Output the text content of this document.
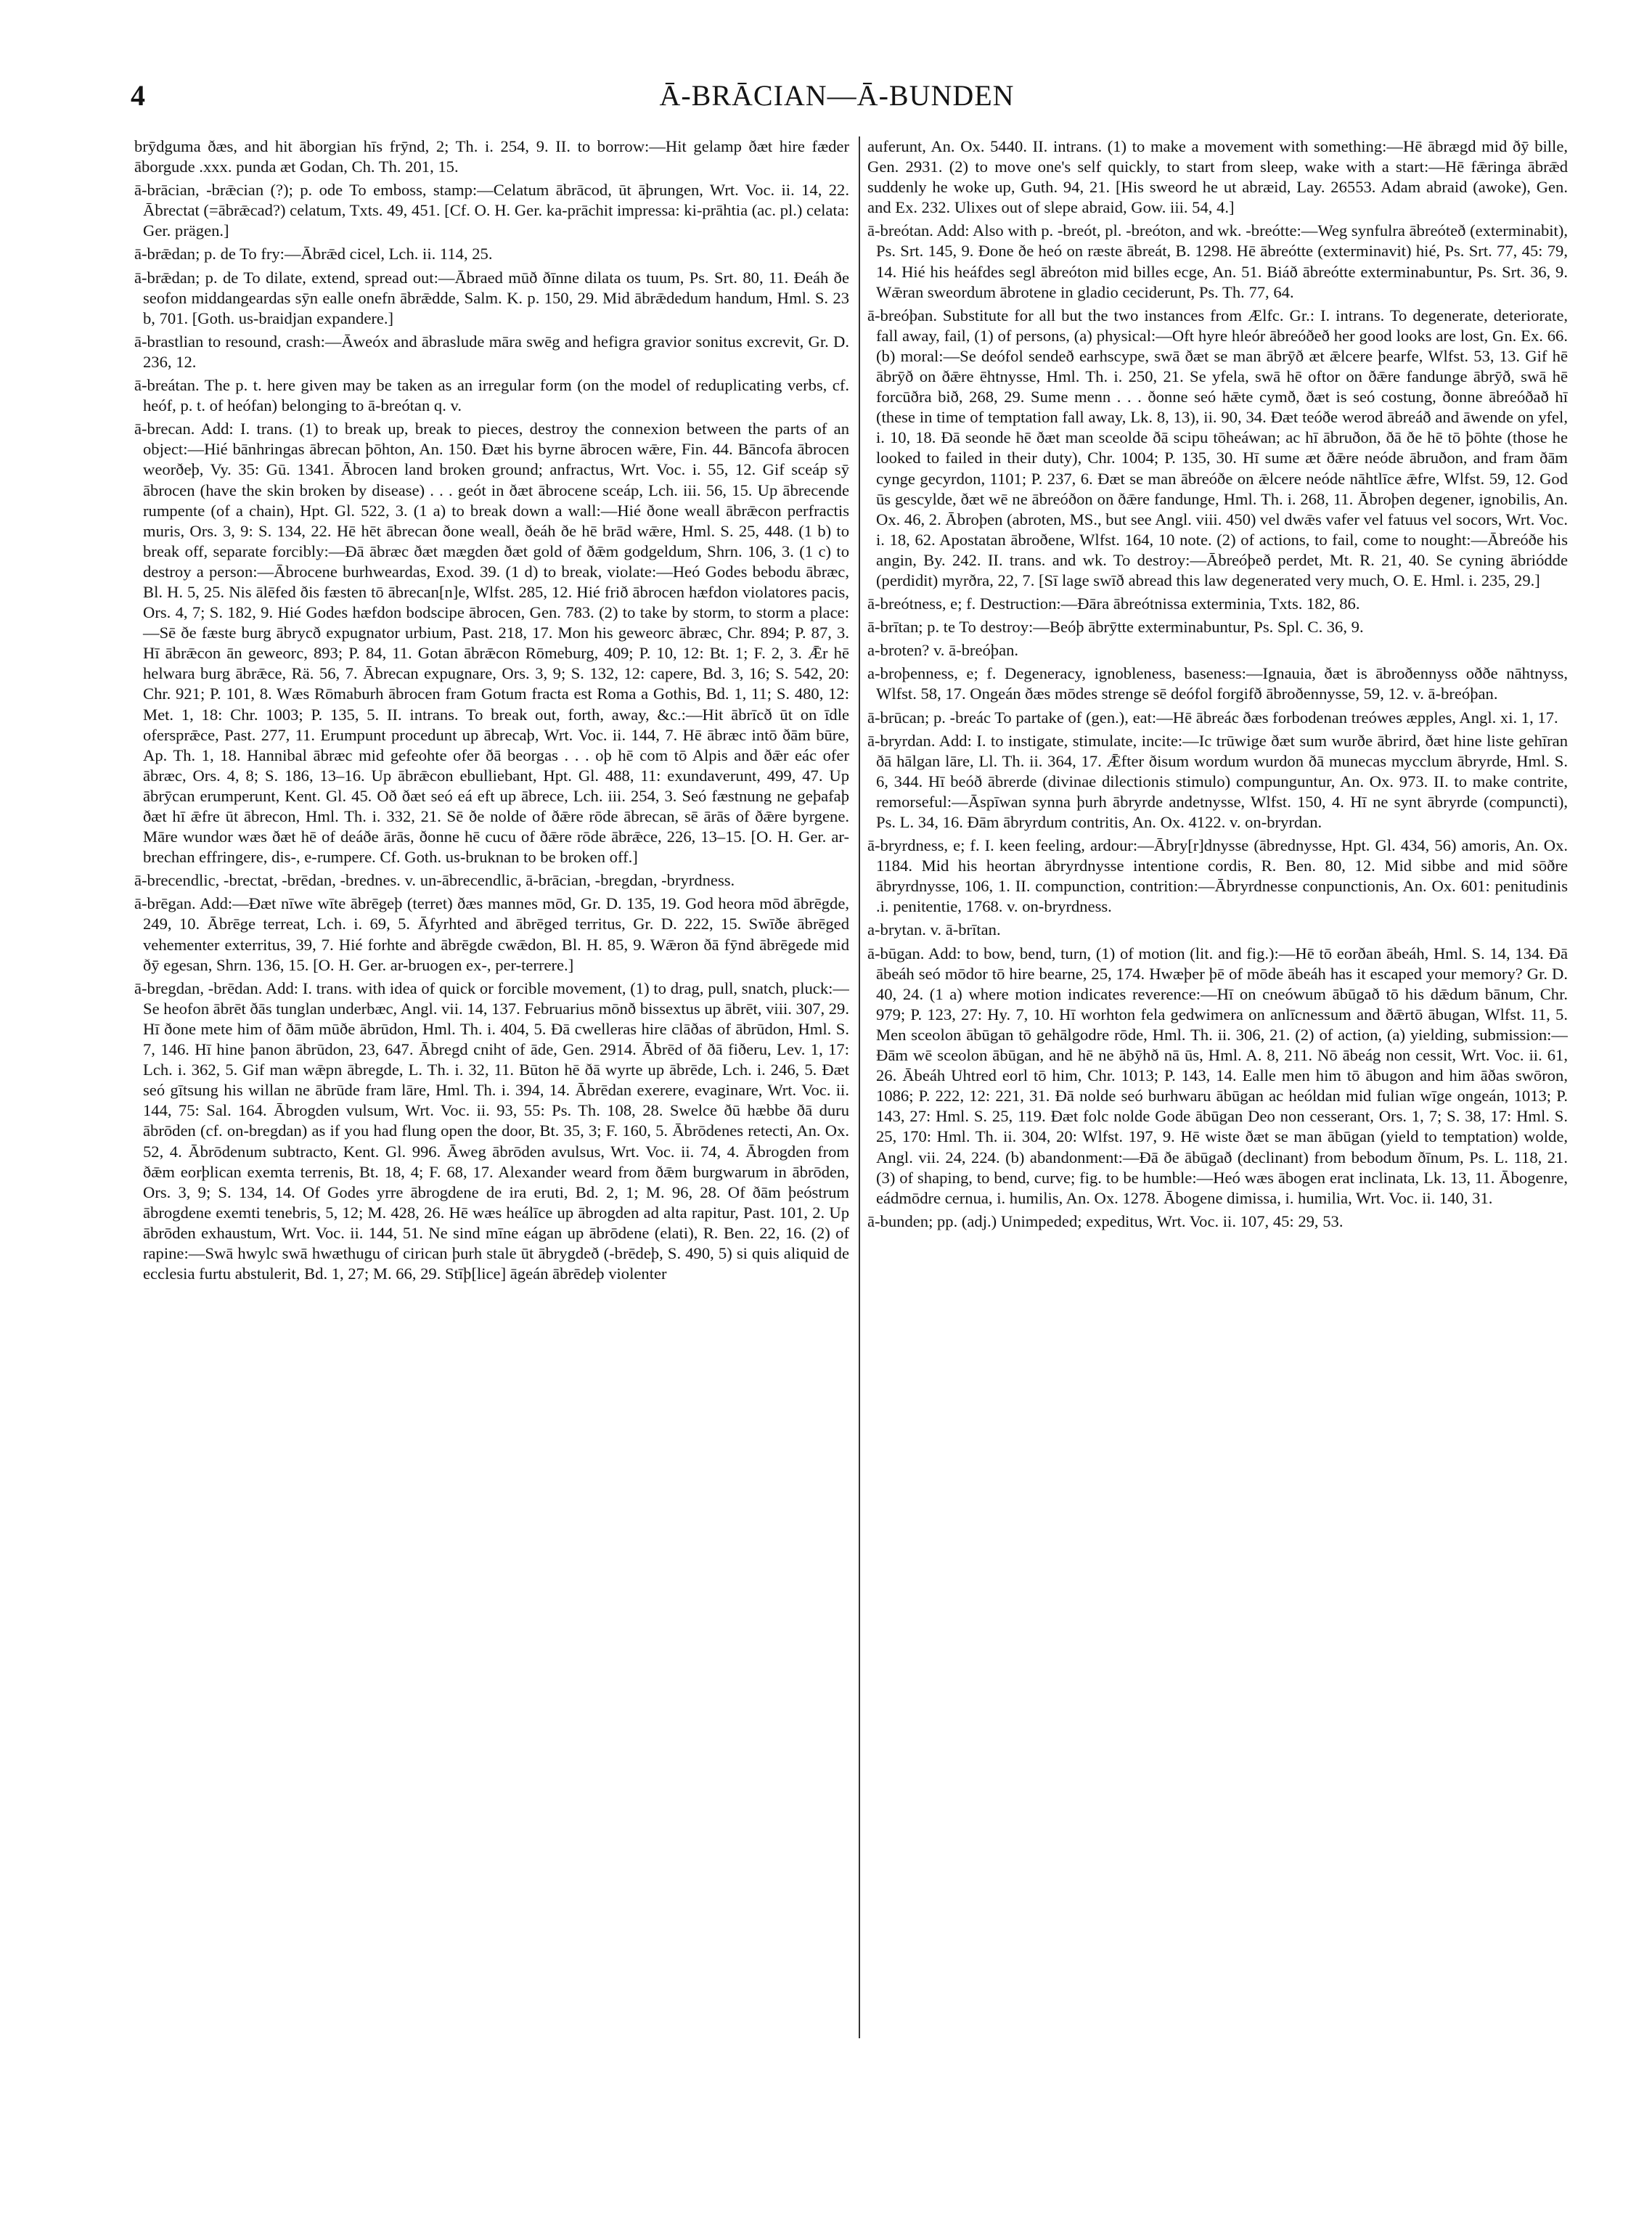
4	Ā-BRĀCIAN—Ā-BUNDEN

brȳdguma ðæs, and hit āborgian hīs frȳnd, 2; Th. i. 254, 9. II. to borrow:—Hit gelamp ðæt hire fæder āborgude .xxx. punda æt Godan, Ch. Th. 201, 15.

ā-brācian, -brǣcian (?); p. ode To emboss, stamp:—Celatum ābrācod, ūt āþrungen, Wrt. Voc. ii. 14, 22. Ābrectat (=ābrǣcad?) celatum, Txts. 49, 451. [Cf. O. H. Ger. ka-prāchit impressa: ki-prāhtia (ac. pl.) celata: Ger. prägen.]

ā-brǣdan; p. de To fry:—Ābrǣd cicel, Lch. ii. 114, 25.

ā-brǣdan; p. de To dilate, extend, spread out:—Ābraed mūð ðīnne dilata os tuum, Ps. Srt. 80, 11. Ðeáh ðe seofon middangeardas sȳn ealle onefn ābrǣdde, Salm. K. p. 150, 29. Mid ābrǣdedum handum, Hml. S. 23 b, 701. [Goth. us-braidjan expandere.]

ā-brastlian to resound, crash:—Āweóx and ābraslude māra swēg and hefigra gravior sonitus excrevit, Gr. D. 236, 12.

ā-breátan. The p. t. here given may be taken as an irregular form (on the model of reduplicating verbs, cf. heóf, p. t. of heófan) belonging to ā-breótan q. v.

ā-brecan. Add: I. trans. (1) to break up, break to pieces, destroy the connexion between the parts of an object:—Hié bānhringas ābrecan þōhton, An. 150. Ðæt his byrne ābrocen wǣre, Fin. 44. Bāncofa ābrocen weorðeþ, Vy. 35: Gū. 1341. Ābrocen land broken ground; anfractus, Wrt. Voc. i. 55, 12. Gif sceáp sȳ ābrocen (have the skin broken by disease) . . . geót in ðæt ābrocene sceáp, Lch. iii. 56, 15. Up ābrecende rumpente (of a chain), Hpt. Gl. 522, 3. (1 a) to break down a wall:—Hié ðone weall ābrǣcon perfractis muris, Ors. 3, 9: S. 134, 22. Hē hēt ābrecan ðone weall, ðeáh ðe hē brād wǣre, Hml. S. 25, 448. (1 b) to break off, separate forcibly:—Ðā ābræc ðæt mægden ðæt gold of ðǣm godgeldum, Shrn. 106, 3. (1 c) to destroy a person:—Ābrocene burhweardas, Exod. 39. (1 d) to break, violate:—Heó Godes bebodu ābræc, Bl. H. 5, 25. Nis ālēfed ðis fæsten tō ābrecan[n]e, Wlfst. 285, 12. Hié frið ābrocen hæfdon violatores pacis, Ors. 4, 7; S. 182, 9. Hié Godes hæfdon bodscipe ābrocen, Gen. 783. (2) to take by storm, to storm a place:—Sē ðe fæste burg ābrycð expugnator urbium, Past. 218, 17. Mon his geweorc ābræc, Chr. 894; P. 87, 3. Hī ābrǣcon ān geweorc, 893; P. 84, 11. Gotan ābrǣcon Rōmeburg, 409; P. 10, 12: Bt. 1; F. 2, 3. Ǣr hē helwara burg ābrǣce, Rä. 56, 7. Ābrecan expugnare, Ors. 3, 9; S. 132, 12: capere, Bd. 3, 16; S. 542, 20: Chr. 921; P. 101, 8. Wæs Rōmaburh ābrocen fram Gotum fracta est Roma a Gothis, Bd. 1, 11; S. 480, 12: Met. 1, 18: Chr. 1003; P. 135, 5. II. intrans. To break out, forth, away, &c.:—Hit ābrīcð ūt on īdle ofersprǣce, Past. 277, 11. Erumpunt procedunt up ābrecaþ, Wrt. Voc. ii. 144, 7. Hē ābræc intō ðām būre, Ap. Th. 1, 18. Hannibal ābræc mid gefeohte ofer ðā beorgas . . . oþ hē com tō Alpis and ðǣr eác ofer ābræc, Ors. 4, 8; S. 186, 13–16. Up ābrǣcon ebulliebant, Hpt. Gl. 488, 11: exundaverunt, 499, 47. Up ābrȳcan erumperunt, Kent. Gl. 45. Oð ðæt seó eá eft up ābrece, Lch. iii. 254, 3. Seó fæstnung ne geþafaþ ðæt hī ǣfre ūt ābrecon, Hml. Th. i. 332, 21. Sē ðe nolde of ðǣre rōde ābrecan, sē ārās of ðǣre byrgene. Māre wundor wæs ðæt hē of deáðe ārās, ðonne hē cucu of ðǣre rōde ābrǣce, 226, 13–15. [O. H. Ger. ar-brechan effringere, dis-, e-rumpere. Cf. Goth. us-bruknan to be broken off.]

ā-brecendlic, -brectat, -brēdan, -brednes. v. un-ābrecendlic, ā-brācian, -bregdan, -bryrdness.

ā-brēgan. Add:—Ðæt nīwe wīte ābrēgeþ (terret) ðæs mannes mōd, Gr. D. 135, 19. God heora mōd ābrēgde, 249, 10. Ābrēge terreat, Lch. i. 69, 5. Āfyrhted and ābrēged territus, Gr. D. 222, 15. Swīðe ābrēged vehementer exterritus, 39, 7. Hié forhte and ābrēgde cwǣdon, Bl. H. 85, 9. Wǣron ðā fȳnd ābrēgede mid ðȳ egesan, Shrn. 136, 15. [O. H. Ger. ar-bruogen ex-, per-terrere.]

ā-bregdan, -brēdan. Add: I. trans. with idea of quick or forcible movement, (1) to drag, pull, snatch, pluck:—Se heofon ābrēt ðās tunglan underbæc, Angl. vii. 14, 137. Februarius mōnð bissextus up ābrēt, viii. 307, 29. Hī ðone mete him of ðām mūðe ābrūdon, Hml. Th. i. 404, 5. Ðā cwelleras hire clāðas of ābrūdon, Hml. S. 7, 146. Hī hine þanon ābrūdon, 23, 647. Ābregd cniht of āde, Gen. 2914. Ābrēd of ðā fiðeru, Lev. 1, 17: Lch. i. 362, 5. Gif man wǣpn ābregde, L. Th. i. 32, 11. Būton hē ðā wyrte up ābrēde, Lch. i. 246, 5. Ðæt seó gītsung his willan ne ābrūde fram lāre, Hml. Th. i. 394, 14. Ābrēdan exerere, evaginare, Wrt. Voc. ii. 144, 75: Sal. 164. Ābrogden vulsum, Wrt. Voc. ii. 93, 55: Ps. Th. 108, 28. Swelce ðū hæbbe ðā duru ābrōden (cf. on-bregdan) as if you had flung open the door, Bt. 35, 3; F. 160, 5. Ābrōdenes retecti, An. Ox. 52, 4. Ābrōdenum subtracto, Kent. Gl. 996. Āweg ābrōden avulsus, Wrt. Voc. ii. 74, 4. Ābrogden from ðǣm eorþlican exemta terrenis, Bt. 18, 4; F. 68, 17. Alexander weard from ðǣm burgwarum in ābrōden, Ors. 3, 9; S. 134, 14. Of Godes yrre ābrogdene de ira eruti, Bd. 2, 1; M. 96, 28. Of ðām þeóstrum ābrogdene exemti tenebris, 5, 12; M. 428, 26. Hē wæs heálīce up ābrogden ad alta rapitur, Past. 101, 2. Up ābrōden exhaustum, Wrt. Voc. ii. 144, 51. Ne sind mīne eágan up ābrōdene (elati), R. Ben. 22, 16. (2) of rapine:—Swā hwylc swā hwæthugu of cirican þurh stale ūt ābrygdeð (-brēdeþ, S. 490, 5) si quis aliquid de ecclesia furtu abstulerit, Bd. 1, 27; M. 66, 29. Stīþ[lice] āgeán ābrēdeþ violenter

auferunt, An. Ox. 5440. II. intrans. (1) to make a movement with something:—Hē ābrægd mid ðȳ bille, Gen. 2931. (2) to move one's self quickly, to start from sleep, wake with a start:—Hē fǣringa ābrǣd suddenly he woke up, Guth. 94, 21. [His sweord he ut abræid, Lay. 26553. Adam abraid (awoke), Gen. and Ex. 232. Ulixes out of slepe abraid, Gow. iii. 54, 4.]

ā-breótan. Add: Also with p. -breót, pl. -breóton, and wk. -breótte:—Weg synfulra ābreóteð (exterminabit), Ps. Srt. 145, 9. Ðone ðe heó on ræste ābreát, B. 1298. Hē ābreótte (exterminavit) hié, Ps. Srt. 77, 45: 79, 14. Hié his heáfdes segl ābreóton mid billes ecge, An. 51. Biáð ābreótte exterminabuntur, Ps. Srt. 36, 9. Wǣran sweordum ābrotene in gladio ceciderunt, Ps. Th. 77, 64.

ā-breóþan. Substitute for all but the two instances from Ælfc. Gr.: I. intrans. To degenerate, deteriorate, fall away, fail, (1) of persons, (a) physical:—Oft hyre hleór ābreóðeð her good looks are lost, Gn. Ex. 66. (b) moral:—Se deófol sendeð earhscype, swā ðæt se man ābrȳð æt ǣlcere þearfe, Wlfst. 53, 13. Gif hē ābrȳð on ðǣre ēhtnysse, Hml. Th. i. 250, 21. Se yfela, swā hē oftor on ðǣre fandunge ābrȳð, swā hē forcūðra bið, 268, 29. Sume menn . . . ðonne seó hǣte cymð, ðæt is seó costung, ðonne ābreóðað hī (these in time of temptation fall away, Lk. 8, 13), ii. 90, 34. Ðæt teóðe werod ābreáð and āwende on yfel, i. 10, 18. Ðā seonde hē ðæt man sceolde ðā scipu tōheáwan; ac hī ābruðon, ðā ðe hē tō þōhte (those he looked to failed in their duty), Chr. 1004; P. 135, 30. Hī sume æt ðǣre neóde ābruðon, and fram ðām cynge gecyrdon, 1101; P. 237, 6. Ðæt se man ābreóðe on ǣlcere neóde nāhtlīce ǣfre, Wlfst. 59, 12. God ūs gescylde, ðæt wē ne ābreóðon on ðǣre fandunge, Hml. Th. i. 268, 11. Ābroþen degener, ignobilis, An. Ox. 46, 2. Ābroþen (abroten, MS., but see Angl. viii. 450) vel dwǣs vafer vel fatuus vel socors, Wrt. Voc. i. 18, 62. Apostatan ābroðene, Wlfst. 164, 10 note. (2) of actions, to fail, come to nought:—Ābreóðe his angin, By. 242. II. trans. and wk. To destroy:—Ābreóþeð perdet, Mt. R. 21, 40. Se cyning ābriódde (perdidit) myrðra, 22, 7. [Sī lage swīð abread this law degenerated very much, O. E. Hml. i. 235, 29.]

ā-breótness, e; f. Destruction:—Ðāra ābreótnissa exterminia, Txts. 182, 86.

ā-brītan; p. te To destroy:—Beóþ ābrȳtte exterminabuntur, Ps. Spl. C. 36, 9.

a-broten? v. ā-breóþan.

a-broþenness, e; f. Degeneracy, ignobleness, baseness:—Ignauia, ðæt is ābroðennyss oððe nāhtnyss, Wlfst. 58, 17. Ongeán ðæs mōdes strenge sē deófol forgifð ābroðennysse, 59, 12. v. ā-breóþan.

ā-brūcan; p. -breác To partake of (gen.), eat:—Hē ābreác ðæs forbodenan treówes æpples, Angl. xi. 1, 17.

ā-bryrdan. Add: I. to instigate, stimulate, incite:—Ic trūwige ðæt sum wurðe ābrird, ðæt hine liste gehīran ðā hālgan lāre, Ll. Th. ii. 364, 17. Ǣfter ðisum wordum wurdon ðā munecas mycclum ābryrde, Hml. S. 6, 344. Hī beóð ābrerde (divinae dilectionis stimulo) compunguntur, An. Ox. 973. II. to make contrite, remorseful:—Āspīwan synna þurh ābryrde andetnysse, Wlfst. 150, 4. Hī ne synt ābryrde (compuncti), Ps. L. 34, 16. Ðām ābryrdum contritis, An. Ox. 4122. v. on-bryrdan.

ā-bryrdness, e; f. I. keen feeling, ardour:—Ābry[r]dnysse (ābrednysse, Hpt. Gl. 434, 56) amoris, An. Ox. 1184. Mid his heortan ābryrdnysse intentione cordis, R. Ben. 80, 12. Mid sibbe and mid sōðre ābryrdnysse, 106, 1. II. compunction, contrition:—Ābryrdnesse conpunctionis, An. Ox. 601: penitudinis .i. penitentie, 1768. v. on-bryrdness.

a-brytan. v. ā-brītan.

ā-būgan. Add: to bow, bend, turn, (1) of motion (lit. and fig.):—Hē tō eorðan ābeáh, Hml. S. 14, 134. Ðā ābeáh seó mōdor tō hire bearne, 25, 174. Hwæþer þē of mōde ābeáh has it escaped your memory? Gr. D. 40, 24. (1 a) where motion indicates reverence:—Hī on cneówum ābūgað tō his dǣdum bānum, Chr. 979; P. 123, 27: Hy. 7, 10. Hī worhton fela gedwimera on anlīcnessum and ðǣrtō ābugan, Wlfst. 11, 5. Men sceolon ābūgan tō gehālgodre rōde, Hml. Th. ii. 306, 21. (2) of action, (a) yielding, submission:—Ðām wē sceolon ābūgan, and hē ne ābȳhð nā ūs, Hml. A. 8, 211. Nō ābeág non cessit, Wrt. Voc. ii. 61, 26. Ābeáh Uhtred eorl tō him, Chr. 1013; P. 143, 14. Ealle men him tō ābugon and him āðas swōron, 1086; P. 222, 12: 221, 31. Ðā nolde seó burhwaru ābūgan ac heóldan mid fulian wīge ongeán, 1013; P. 143, 27: Hml. S. 25, 119. Ðæt folc nolde Gode ābūgan Deo non cesserant, Ors. 1, 7; S. 38, 17: Hml. S. 25, 170: Hml. Th. ii. 304, 20: Wlfst. 197, 9. Hē wiste ðæt se man ābūgan (yield to temptation) wolde, Angl. vii. 24, 224. (b) abandonment:—Ðā ðe ābūgað (declinant) from bebodum ðīnum, Ps. L. 118, 21. (3) of shaping, to bend, curve; fig. to be humble:—Heó wæs ābogen erat inclinata, Lk. 13, 11. Ābogenre, eádmōdre cernua, i. humilis, An. Ox. 1278. Ābogene dimissa, i. humilia, Wrt. Voc. ii. 140, 31.

ā-bunden; pp. (adj.) Unimpeded; expeditus, Wrt. Voc. ii. 107, 45: 29, 53.
